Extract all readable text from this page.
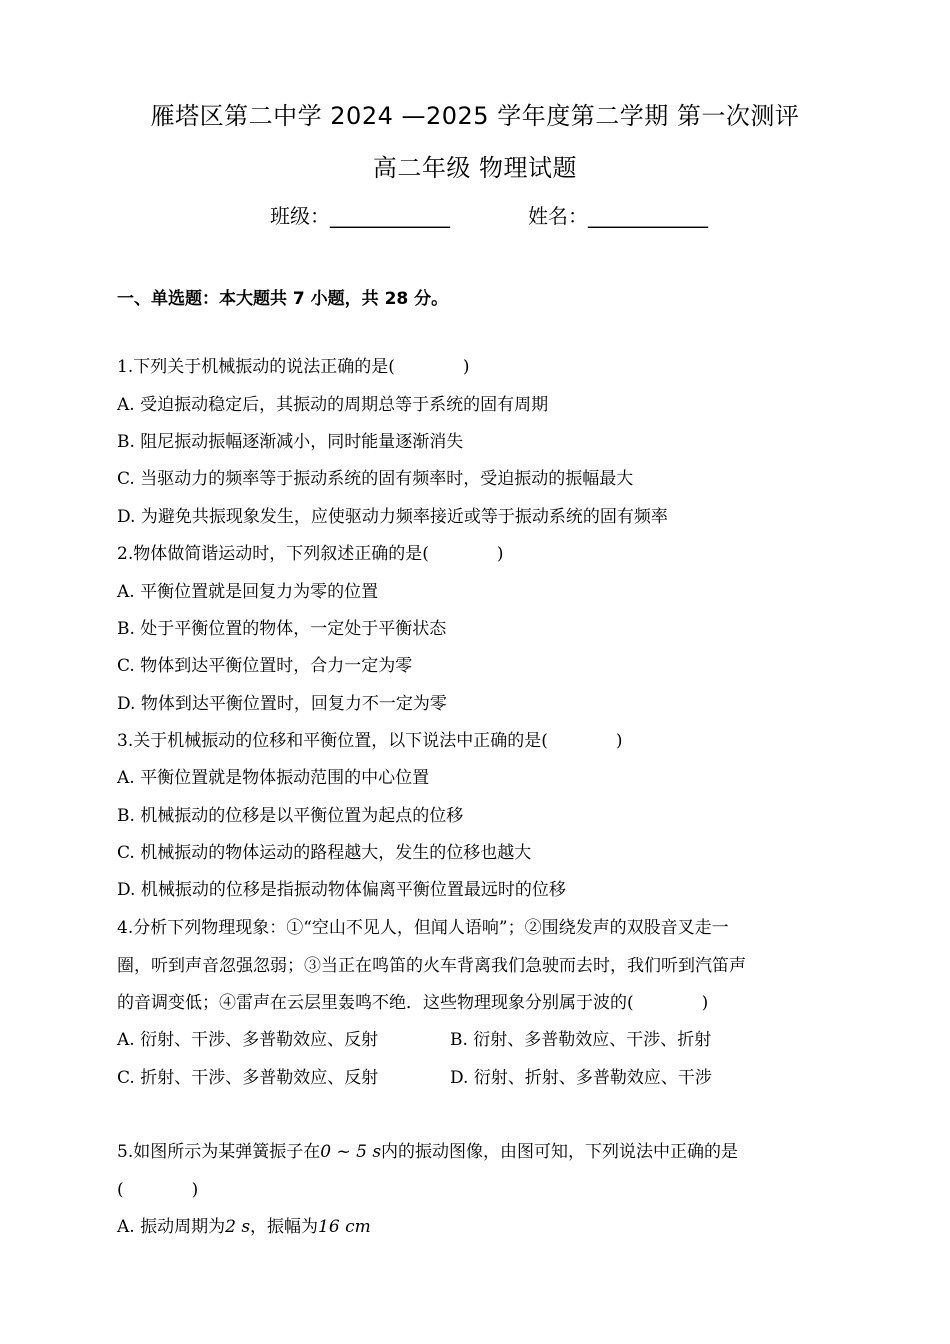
雁塔区第二中学 2024 —2025 学年度第二学期 第一次测评
高二年级 物理试题
班级：____________	姓名：____________
一、单选题：本大题共 7 小题，共 28 分。
1.下列关于机械振动的说法正确的是(　　　　)
A. 受迫振动稳定后，其振动的周期总等于系统的固有周期
B. 阻尼振动振幅逐渐减小，同时能量逐渐消失
C. 当驱动力的频率等于振动系统的固有频率时，受迫振动的振幅最大
D. 为避免共振现象发生，应使驱动力频率接近或等于振动系统的固有频率
2.物体做简谐运动时，下列叙述正确的是(　　　　)
A. 平衡位置就是回复力为零的位置
B. 处于平衡位置的物体，一定处于平衡状态
C. 物体到达平衡位置时，合力一定为零
D. 物体到达平衡位置时，回复力不一定为零
3.关于机械振动的位移和平衡位置，以下说法中正确的是(　　　　)
A. 平衡位置就是物体振动范围的中心位置
B. 机械振动的位移是以平衡位置为起点的位移
C. 机械振动的物体运动的路程越大，发生的位移也越大
D. 机械振动的位移是指振动物体偏离平衡位置最远时的位移
4.分析下列物理现象：①“空山不见人，但闻人语响”；②围绕发声的双股音叉走一
圈，听到声音忽强忽弱；③当正在鸣笛的火车背离我们急驶而去时，我们听到汽笛声
的音调变低；④雷声在云层里轰鸣不绝．这些物理现象分别属于波的(　　　　)
A. 衍射、干涉、多普勒效应、反射	B. 衍射、多普勒效应、干涉、折射
C. 折射、干涉、多普勒效应、反射	D. 衍射、折射、多普勒效应、干涉
5.如图所示为某弹簧振子在0 ~ 5 s内的振动图像，由图可知，下列说法中正确的是
(　　　　)
A. 振动周期为2 s，振幅为16 cm
